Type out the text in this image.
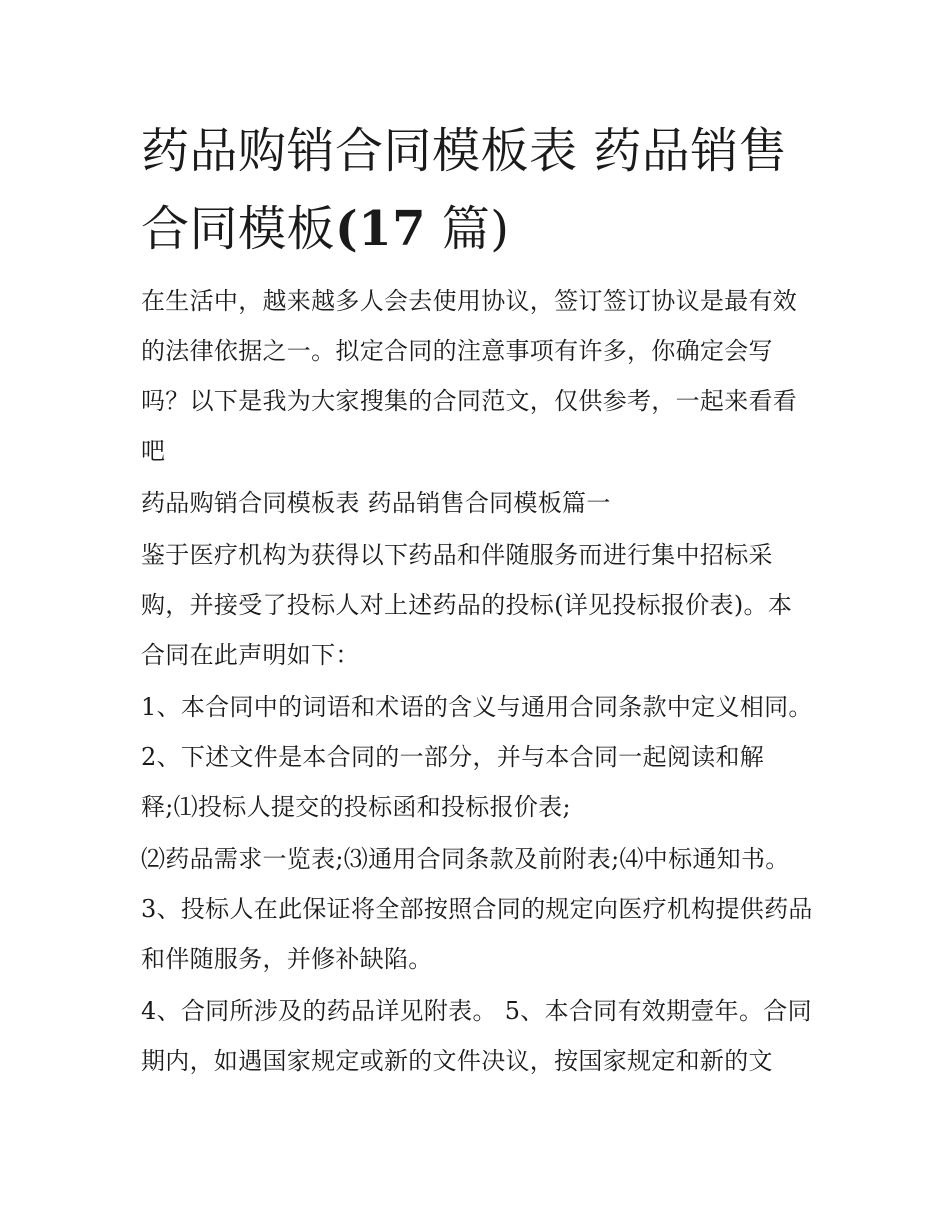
药品购销合同模板表 药品销售合同模板(17 篇)

在生活中，越来越多人会去使用协议，签订签订协议是最有效的法律依据之一。拟定合同的注意事项有许多，你确定会写吗？以下是我为大家搜集的合同范文，仅供参考，一起来看看吧

药品购销合同模板表 药品销售合同模板篇一

鉴于医疗机构为获得以下药品和伴随服务而进行集中招标采购，并接受了投标人对上述药品的投标(详见投标报价表)。本合同在此声明如下：

1、本合同中的词语和术语的含义与通用合同条款中定义相同。 2、下述文件是本合同的一部分，并与本合同一起阅读和解释;⑴投标人提交的投标函和投标报价表;

⑵药品需求一览表;⑶通用合同条款及前附表;⑷中标通知书。 3、投标人在此保证将全部按照合同的规定向医疗机构提供药品和伴随服务，并修补缺陷。

4、合同所涉及的药品详见附表。 5、本合同有效期壹年。合同期内，如遇国家规定或新的文件决议，按国家规定和新的文
